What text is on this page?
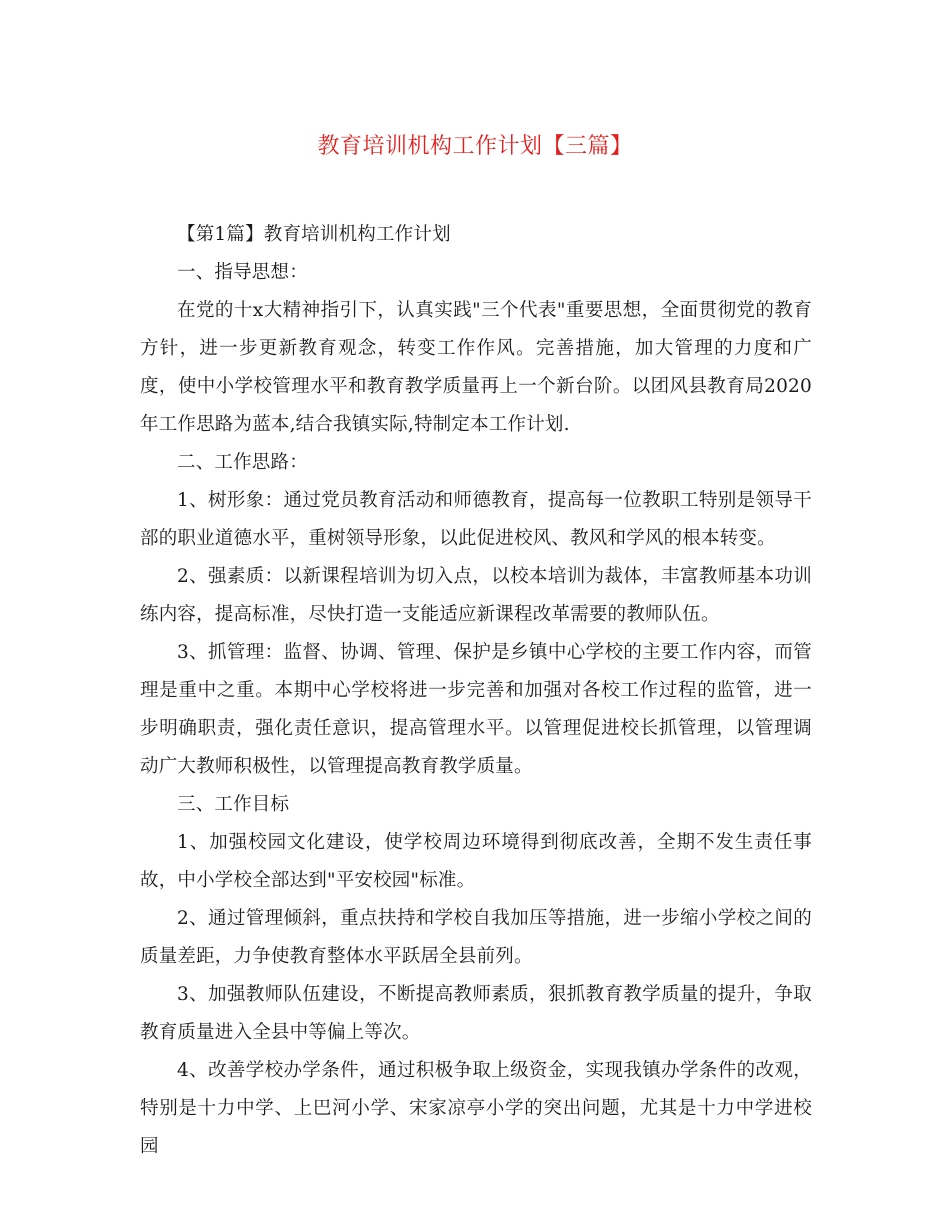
教育培训机构工作计划【三篇】

【第1篇】教育培训机构工作计划

一、指导思想：

在党的十x大精神指引下，认真实践"三个代表"重要思想，全面贯彻党的教育方针，进一步更新教育观念，转变工作作风。完善措施，加大管理的力度和广度，使中小学校管理水平和教育教学质量再上一个新台阶。以团风县教育局2020年工作思路为蓝本,结合我镇实际,特制定本工作计划.

二、工作思路：

1、树形象：通过党员教育活动和师德教育，提高每一位教职工特别是领导干部的职业道德水平，重树领导形象，以此促进校风、教风和学风的根本转变。

2、强素质：以新课程培训为切入点，以校本培训为裁体，丰富教师基本功训练内容，提高标准，尽快打造一支能适应新课程改革需要的教师队伍。

3、抓管理：监督、协调、管理、保护是乡镇中心学校的主要工作内容，而管理是重中之重。本期中心学校将进一步完善和加强对各校工作过程的监管，进一步明确职责，强化责任意识，提高管理水平。以管理促进校长抓管理，以管理调动广大教师积极性，以管理提高教育教学质量。

三、工作目标

1、加强校园文化建设，使学校周边环境得到彻底改善，全期不发生责任事故，中小学校全部达到"平安校园"标准。

2、通过管理倾斜，重点扶持和学校自我加压等措施，进一步缩小学校之间的质量差距，力争使教育整体水平跃居全县前列。

3、加强教师队伍建设，不断提高教师素质，狠抓教育教学质量的提升，争取教育质量进入全县中等偏上等次。

4、改善学校办学条件，通过积极争取上级资金，实现我镇办学条件的改观，特别是十力中学、上巴河小学、宋家凉亭小学的突出问题，尤其是十力中学进校园
